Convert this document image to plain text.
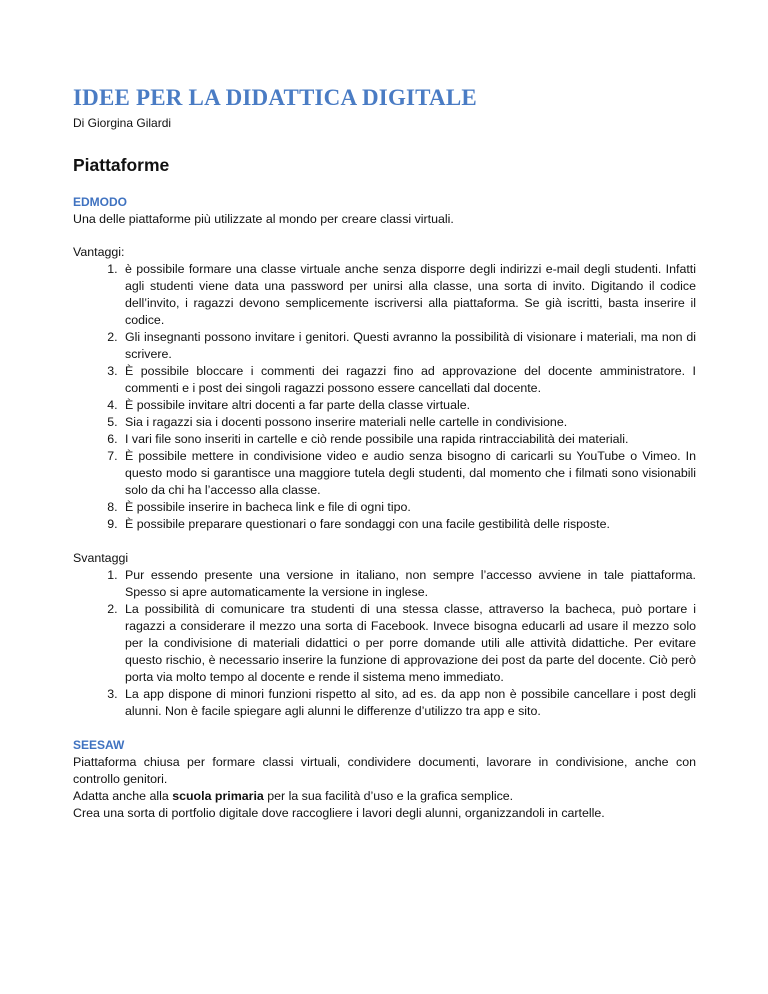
IDEE PER LA DIDATTICA DIGITALE

Di Giorgina Gilardi

Piattaforme

EDMODO

Una delle piattaforme più utilizzate al mondo per creare classi virtuali.

Vantaggi:

1. è possibile formare una classe virtuale anche senza disporre degli indirizzi e-mail degli studenti. Infatti agli studenti viene data una password per unirsi alla classe, una sorta di invito. Digitando il codice dell’invito, i ragazzi devono semplicemente iscriversi alla piattaforma. Se già iscritti, basta inserire il codice.
2. Gli insegnanti possono invitare i genitori. Questi avranno la possibilità di visionare i materiali, ma non di scrivere.
3. È possibile bloccare i commenti dei ragazzi fino ad approvazione del docente amministratore. I commenti e i post dei singoli ragazzi possono essere cancellati dal docente.
4. È possibile invitare altri docenti a far parte della classe virtuale.
5. Sia i ragazzi sia i docenti possono inserire materiali nelle cartelle in condivisione.
6. I vari file sono inseriti in cartelle e ciò rende possibile una rapida rintracciabilità dei materiali.
7. È possibile mettere in condivisione video e audio senza bisogno di caricarli su YouTube o Vimeo. In questo modo si garantisce una maggiore tutela degli studenti, dal momento che i filmati sono visionabili solo da chi ha l’accesso alla classe.
8. È possibile inserire in bacheca link e file di ogni tipo.
9. È possibile preparare questionari o fare sondaggi con una facile gestibilità delle risposte.

Svantaggi

1. Pur essendo presente una versione in italiano, non sempre l’accesso avviene in tale piattaforma. Spesso si apre automaticamente la versione in inglese.
2. La possibilità di comunicare tra studenti di una stessa classe, attraverso la bacheca, può portare i ragazzi a considerare il mezzo una sorta di Facebook. Invece bisogna educarli ad usare il mezzo solo per la condivisione di materiali didattici o per porre domande utili alle attività didattiche. Per evitare questo rischio, è necessario inserire la funzione di approvazione dei post da parte del docente. Ciò però porta via molto tempo al docente e rende il sistema meno immediato.
3. La app dispone di minori funzioni rispetto al sito, ad es. da app non è possibile cancellare i post degli alunni. Non è facile spiegare agli alunni le differenze d’utilizzo tra app e sito.

SEESAW

Piattaforma chiusa per formare classi virtuali, condividere documenti, lavorare in condivisione, anche con controllo genitori.

Adatta anche alla scuola primaria per la sua facilità d’uso e la grafica semplice.

Crea una sorta di portfolio digitale dove raccogliere i lavori degli alunni, organizzandoli in cartelle.
